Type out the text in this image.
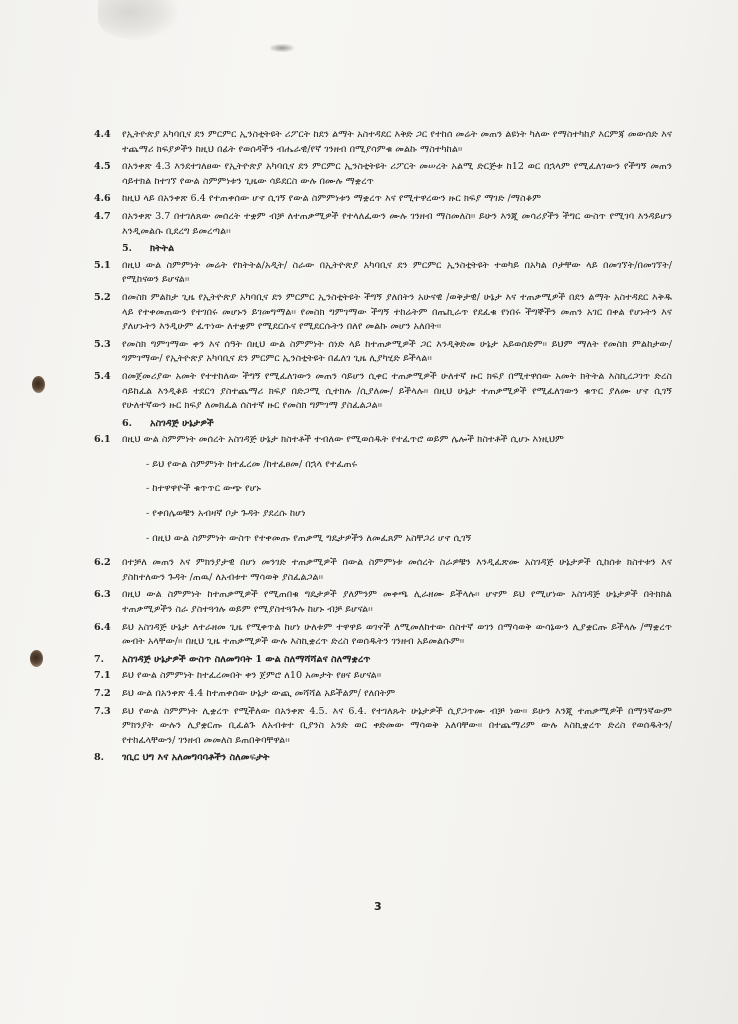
4.4	የኢትዮጵያ አካባቢና ደን ምርምር ኢንስቲትዩት ሪፖርት ከደን ልማት አስተዳደር እቅድ ጋር የተከሰ መሬት መጠን ልዩነት ካለው የማስተካከያ እርምጃ መውሰድ እና ተጨማሪ ክፍያዎችን ከዚህ በፊት የወሰዳችን ብሔራዊ/የኛ ገንዘብ በሚያሳምቁ መልኩ ማስተካከል፡፡
4.5	በአንቀጽ 4.3 እንደተገለፀው የኢትዮጵያ አካባቢና ደን ምርምር ኢንስቲትዩት ሪፖርት መሠረት አልሚ ድርጅቱ ከ12 ወር በኋላም የሚፈለገውን የችግኝ መጠን ሳይተክል ከተገኘ የውል ስምምነቱን ጊዜው ሳይደርስ ውሉ በሙሉ ማቋረጥ
4.6	ከዚህ ላይ በአንቀጽ 6.4 የተጠቀሰው ሆኖ ሲገኝ የውል ስምምነቱን ማቋረጥ እና የሚተዋረውን ዙር ክፍያ ማገድ /ማስቆም
4.7	በአንቀጽ 3.7 በተገለጸው መሰረት ተቋም ብቻ ለተጠቃሚዎች የተላለፈውን ሙሉ ገንዘብ ማስመለስ፡፡ ይሁን እንጂ መሳሪያችን ችግር ውስጥ የሚገባ እንዳይሆን እንዲመልሱ ቢደረግ ይመረጣል፡፡
5.	ክትትል
5.1	በዚህ ውል ስምምነት መሬት የክትትል/አዲት/ ስራው በኢትዮጵያ አካባቢና ደን ምርምር ኢንስቲትዩት ተወካይ በአካል ቦታቸው ላይ በመገኘት/በመገኘት/የሚከናወን ይሆናል፡፡
5.2	በመስክ ምልከታ ጊዜ የኢትዮጵያ አካባቢና ደን ምርምር ኢንስቲትዩት ችግኝ ያለበትን አሁናዊ /ወቅታዊ/ ሁኔታ እና ተጠቃሚዎች በደን ልማት አስተዳደር እቅዱ ላይ የተቀመጠውን የተገበሩ መሆኑን ይገመግማል፡፡ የመስክ ግምገማው ችግኝ ተከሬትም በጤኪራጥ የደፈቁ የነበሩ ችግኞችን መጠን አገር በቀል የሆኑትን እና ያለሆኑትን እንዲሁም ፈጥነው ለተቋም የሚደርሱና የሚደርሱትን በለየ መልኩ መሆን አለበት፡፡
5.3	የመስክ ግምገማው ቀን እና ሰዓት በዚህ ውል ስምምነት ሰነድ ላይ ከተጠቃሚዎች ጋር እንዲቅድመ ሁኔታ አይወሰድም፡፡ ይህም ማለት የመስክ ምልከታው/ግምገማው/ የኢትዮጵያ አካባቢና ደን ምርምር ኢንስቲትዩት በፈለገ ጊዜ ሊያካሂድ ይችላል፡፡
5.4	በመጀመሪያው አመት የተተከለው ችግኝ የሚፈለገውን መጠን ሳይሆን ሲቀር ተጠቃሚዎች ሁለተኛ ዙር ክፍያ በሚተዋሰው አመት ክትትል እስኪረጋገጥ ድረስ ሳይከፈል እንዲቆይ ተደርጎ ያስተጨማሪ ክፍያ በድጋሚ ሲተክሉ /ሲያለሙ/ ይችላሉ፡፡ በዚህ ሁኔታ ተጠቃሚዎች የሚፈለገውን ቁጥር ያለሙ ሆኖ ሲገኝ የሁለተኛውን ዙር ክፍያ ለመክፈል ሰስተኛ ዙር የመስክ ግምገማ ያስፈልጋል፡፡
6.	አስገዳጅ ሁኔታዎች
6.1	በዚህ ውል ስምምነት መሰረት አስገዳጅ ሁኔታ ክስተቶች ተብለው የሚወሰዱት የተፈጥሮ ወይም ሌሎች ክስተቶች ሲሆኑ እነዚህም
- ይህ የውል ስምምነት ከተፈረመ /ከተፈፀመ/ በኋላ የተፈጠሩ
- ከተዋዋዮች ቁጥጥር ውጭ የሆኑ
- የቀበሌወቹን አብዛኛ ቦታ ጉዳት ያደረሱ ከሆነ
- በዚህ ውል ስምምነት ውስጥ የተቀመጡ የጠቃሚ ግዴታዎችን ለመፈጸም አስቸጋሪ ሆኖ ሲገኝ
6.2	በተቻለ መጠን እና ምክንያታዊ በሆነ መንገድ ተጠቃሚዎች በውል ስምምነቱ መሰረት ስራዎቹን እንዲፈጽሙ አስገዳጅ ሁኔታዎች ሲከሰቱ ክስተቱን እና ያስከተለውን ጉዳት /ጠዉ/ ለአብቱተ ማሳወቅ ያስፈልጋል፡፡
6.3	በዚህ ውል ስምምነት ከተጠቃሚዎች የሚጠበቁ ግዴታዎች ያለምንም መቀጫ ሊራዘሙ ይችላሉ፡፡ ሆኖም ይህ የሚሆነው አስገዳጅ ሁኔታዎች በትክክል ተጠቃሚዎችን ስራ ያስተጓጎሉ ወይም የሚያስተጓጉሉ ከሆኑ ብቻ ይሆናል፡፡
6.4	ይህ አስገዳጅ ሁኔታ ለተራዘመ ጊዜ የሚቀጥል ከሆነ ሁለቱም ተዋዋይ ወገኖች ለሚመለከተው ሰስተኛ ወገን በማሳወቅ ውሳኔውን ሊያቋርጡ ይችላሉ /ማቋረጥ መብት አላቸው/፡፡ በዚህ ጊዜ ተጠቃሚዎች ውሉ እስኪቋረጥ ድረስ የወሰዱትን ገንዘብ አይመልሱም፡፡
7.	አስገዳጅ ሁኔታዎች ውስጥ ስለመግባት 1 ውል ስለማሻሻልና ስለማቋረጥ
7.1	ይህ የውል ስምምነት ከተፈረመበት ቀን ጀምሮ ለ10 አመታት የፀና ይሆናል፡፡
7.2	ይህ ውል በአንቀጽ 4.4 ከተጠቀሰው ሁኔታ ውጪ መሻሻል አይችልም/ የለበትም
7.3	ይህ የውል ስምምነት ሊቋረጥ የሚችለው በአንቀጽ 4.5. እና 6.4. የተገለጹት ሁኔታዎች ሲያጋጥሙ ብቻ ነው፡፡ ይሁን እንጂ ተጠቃሚዎች በማንኛውም ምክንያት ውሉን ሊያቋርጡ ቢፈልጉ ለአብቱተ ቢያንስ አንድ ወር ቀድመው ማሳወቅ አለባቸው፡፡ በተጨማሪም ውሉ እስኪቋረጥ ድረስ የወሰዱትን/የተከፈላቸውን/ ገንዘብ መመለስ ይጠበቅባቸዋል፡፡
8.	ገቢር ህግ እና አለመግባባቶችን ስለመፍታት
3
